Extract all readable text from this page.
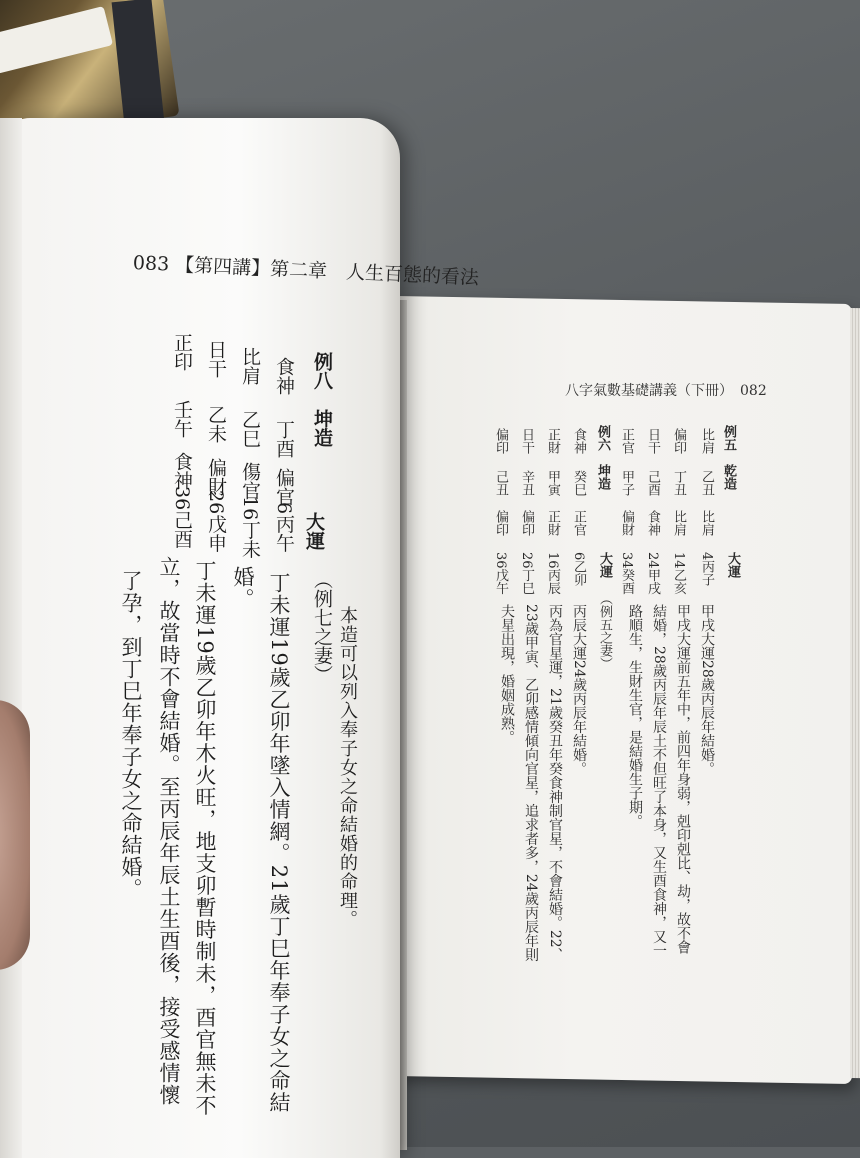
083 【第四講】第二章　人生百態的看法
例八　坤造
食神
丁酉
偏官
比肩
乙巳
傷官
日干
乙未
偏財
正印
壬午
食神
大運
6丙午
16丁未
26戊申
36己酉
（例七之妻） 本造可以列入奉子女之命結婚的命理。
丁未運19歲乙卯年墜入情網。21歲丁巳年奉子女之命結
婚。
丁未運19歲乙卯年木火旺，地支卯暫時制未，酉官無未不
立，故當時不會結婚。至丙辰年辰土生酉後，接受感情懷
了孕，到丁巳年奉子女之命結婚。
八字氣數基礎講義（下冊）　082
例五　乾造
比肩
乙丑
比肩
偏印
丁丑
比肩
日干
己酉
食神
正官
甲子
偏財
大運
4丙子
14乙亥
24甲戌
34癸酉
甲戌大運28歲丙辰年結婚。
甲戌大運前五年中，前四年身弱，剋印剋比、劫，故不會
結婚，28歲丙辰年辰土不但旺了本身，又生酉食神，又一
路順生，生財生官，是結婚生子期。
例六　坤造
食神
癸巳
正官
正財
甲寅
正財
日干
辛丑
偏印
偏印
己丑
偏印
大運
6乙卯
16丙辰
26丁巳
36戊午
（例五之妻）
丙辰大運24歲丙辰年結婚。
丙為官星運，21歲癸丑年癸食神制官星，不會結婚。22、
23歲甲寅、乙卯感情傾向官星，追求者多，24歲丙辰年則
夫星出現，婚姻成熟。
